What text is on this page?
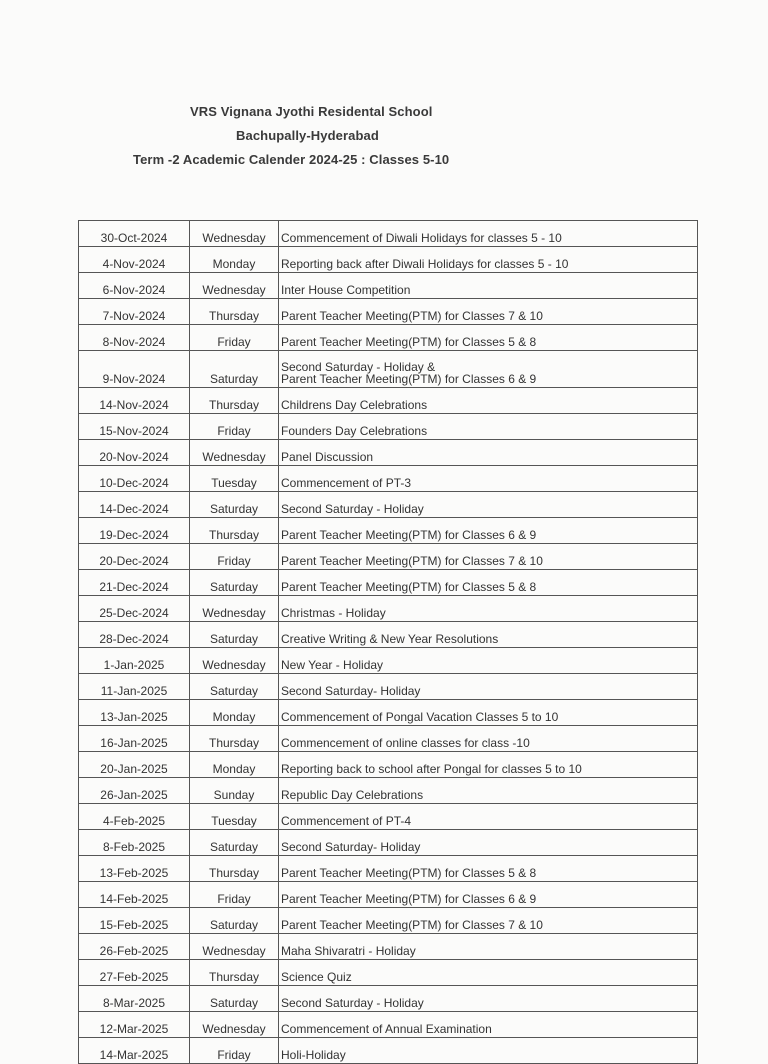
VRS Vignana Jyothi Residental School
Bachupally-Hyderabad
Term -2 Academic Calender 2024-25 : Classes 5-10
30-Oct-2024	Wednesday	Commencement of Diwali Holidays for classes 5 - 10
4-Nov-2024	Monday	Reporting back after Diwali Holidays for classes 5 - 10
6-Nov-2024	Wednesday	Inter House Competition
7-Nov-2024	Thursday	Parent Teacher Meeting(PTM) for Classes 7 & 10
8-Nov-2024	Friday	Parent Teacher Meeting(PTM) for Classes 5 & 8
9-Nov-2024	Saturday	Second Saturday - Holiday &
Parent Teacher Meeting(PTM) for Classes 6 & 9

14-Nov-2024	Thursday	Childrens Day Celebrations
15-Nov-2024	Friday	Founders Day Celebrations
20-Nov-2024	Wednesday	Panel Discussion
10-Dec-2024	Tuesday	Commencement of PT-3
14-Dec-2024	Saturday	Second Saturday - Holiday
19-Dec-2024	Thursday	Parent Teacher Meeting(PTM) for Classes 6 & 9
20-Dec-2024	Friday	Parent Teacher Meeting(PTM) for Classes 7 & 10
21-Dec-2024	Saturday	Parent Teacher Meeting(PTM) for Classes 5 & 8
25-Dec-2024	Wednesday	Christmas - Holiday
28-Dec-2024	Saturday	Creative Writing & New Year Resolutions
1-Jan-2025	Wednesday	New Year - Holiday
11-Jan-2025	Saturday	Second Saturday- Holiday
13-Jan-2025	Monday	Commencement of Pongal Vacation Classes 5 to 10
16-Jan-2025	Thursday	Commencement of online classes for class -10
20-Jan-2025	Monday	Reporting back to school after Pongal for classes 5 to 10
26-Jan-2025	Sunday	Republic Day Celebrations
4-Feb-2025	Tuesday	Commencement of PT-4
8-Feb-2025	Saturday	Second Saturday- Holiday
13-Feb-2025	Thursday	Parent Teacher Meeting(PTM) for Classes 5 & 8
14-Feb-2025	Friday	Parent Teacher Meeting(PTM) for Classes 6 & 9
15-Feb-2025	Saturday	Parent Teacher Meeting(PTM) for Classes 7 & 10
26-Feb-2025	Wednesday	Maha Shivaratri - Holiday
27-Feb-2025	Thursday	Science Quiz
8-Mar-2025	Saturday	Second Saturday - Holiday
12-Mar-2025	Wednesday	Commencement of Annual Examination
14-Mar-2025	Friday	Holi-Holiday
